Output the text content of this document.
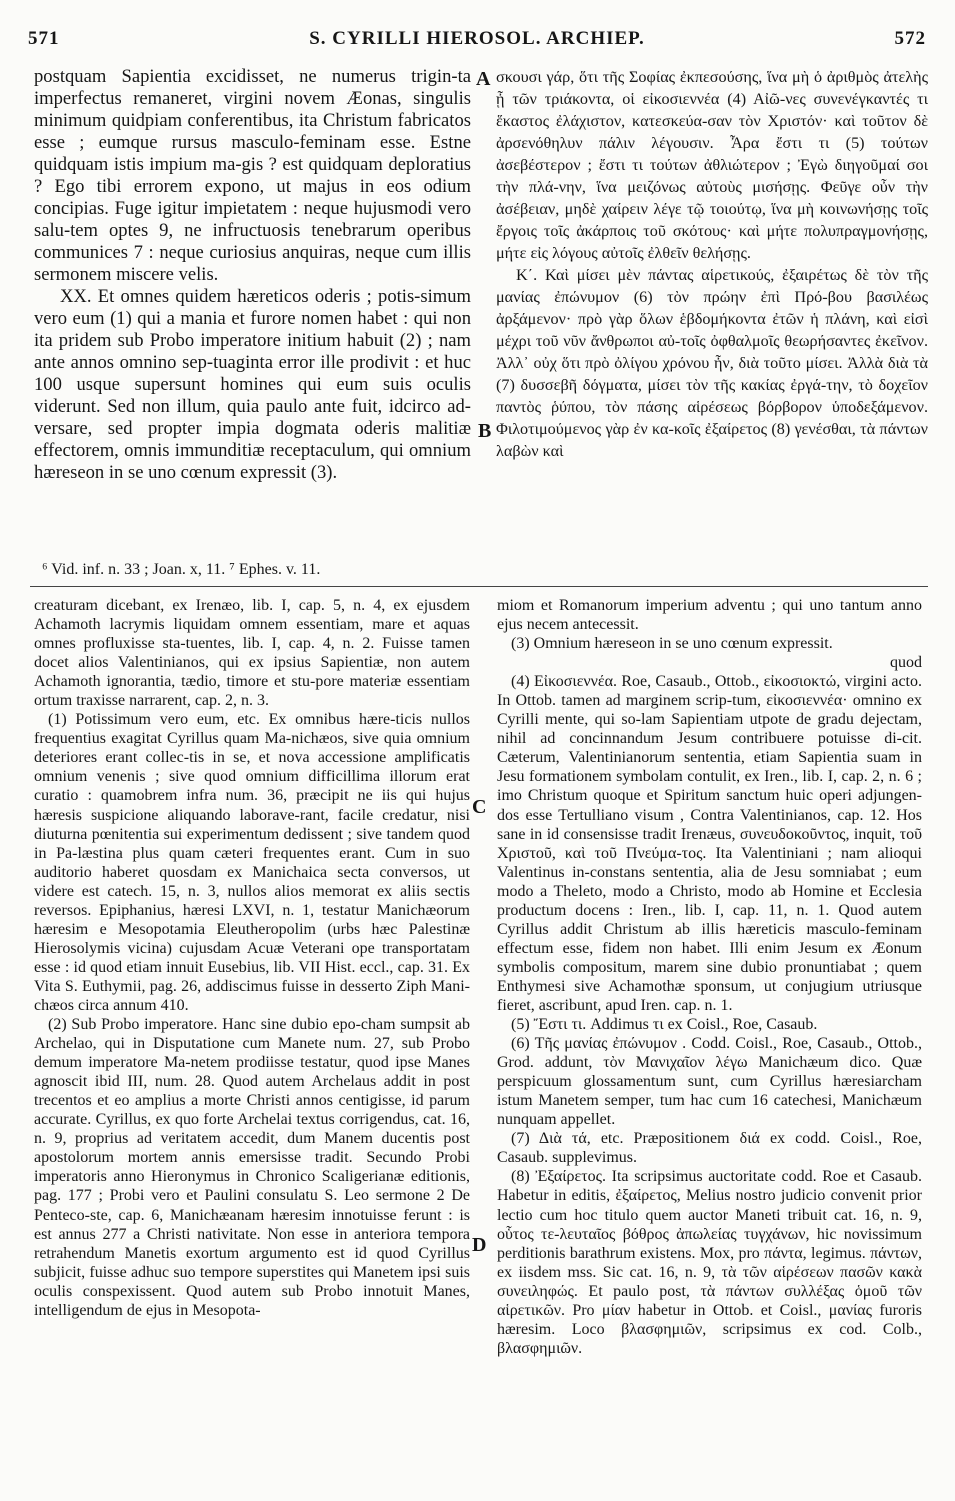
571	S. CYRILLI HIEROSOL. ARCHIEP.	572

postquam Sapientia excidisset, ne numerus trigin-ta imperfectus remaneret, virgini novem Æonas, singulis minimum quidpiam conferentibus, ita Christum fabricatos esse ; eumque rursus masculo-feminam esse. Estne quidquam istis impium ma-gis ? est quidquam deploratius ? Ego tibi errorem expono, ut majus in eos odium concipias. Fuge igitur impietatem : neque hujusmodi vero salu-tem optes 9, ne infructuosis tenebrarum operibus communices 7 : neque curiosius anquiras, neque cum illis sermonem miscere velis.

XX. Et omnes quidem hæreticos oderis ; potis-simum vero eum (1) qui a mania et furore nomen habet : qui non ita pridem sub Probo imperatore initium habuit (2) ; nam ante annos omnino sep-tuaginta error ille prodivit : et huc 100 usque supersunt homines qui eum suis oculis viderunt. Sed non illum, quia paulo ante fuit, idcirco ad-versare, sed propter impia dogmata oderis malitiæ effectorem, omnis immunditiæ receptaculum, qui omnium hæreseon in se uno cœnum expressit (3).

σκουσι γάρ, ὅτι τῆς Σοφίας ἐκπεσούσης, ἵνα μὴ ὁ ἀριθμὸς ἀτελὴς ᾖ τῶν τριάκοντα, οἱ εἰκοσιεννέα (4) Αἰῶ-νες συνενέγκαντές τι ἕκαστος ἐλάχιστον, κατεσκεύα-σαν τὸν Χριστόν· καὶ τοῦτον δὲ ἀρσενόθηλυν πάλιν λέγουσιν. Ἆρα ἔστι τι (5) τούτων ἀσεβέστερον ; ἔστι τι τούτων ἀθλιώτερον ; Ἐγὼ διηγοῦμαί σοι τὴν πλά-νην, ἵνα μειζόνως αὐτοὺς μισήσῃς. Φεῦγε οὖν τὴν ἀσέβειαν, μηδὲ χαίρειν λέγε τῷ τοιούτῳ, ἵνα μὴ κοινωνήσῃς τοῖς ἔργοις τοῖς ἀκάρποις τοῦ σκότους· καὶ μήτε πολυπραγμονήσῃς, μήτε εἰς λόγους αὐτοῖς ἐλθεῖν θελήσῃς.

Κ΄. Καὶ μίσει μὲν πάντας αἱρετικούς, ἐξαιρέτως δὲ τὸν τῆς μανίας ἐπώνυμον (6) τὸν πρώην ἐπὶ Πρό-βου βασιλέως ἀρξάμενον· πρὸ γὰρ ὅλων ἑβδομήκοντα ἐτῶν ἡ πλάνη, καὶ εἰσὶ μέχρι τοῦ νῦν ἄνθρωποι αὐ-τοῖς ὀφθαλμοῖς θεωρήσαντες ἐκεῖνον. Ἀλλ᾽ οὐχ ὅτι πρὸ ὀλίγου χρόνου ἦν, διὰ τοῦτο μίσει. Ἀλλὰ διὰ τὰ (7) δυσσεβῆ δόγματα, μίσει τὸν τῆς κακίας ἐργά-την, τὸ δοχεῖον παντὸς ῥύπου, τὸν πάσης αἱρέσεως βόρβορον ὑποδεξάμενον. Φιλοτιμούμενος γὰρ ἐν κα-κοῖς ἐξαίρετος (8) γενέσθαι, τὰ πάντων λαβὼν καὶ

A
B
C
D
⁶ Vid. inf. n. 33 ; Joan. x, 11. ⁷ Ephes. v. 11.

creaturam dicebant, ex Irenæo, lib. I, cap. 5, n. 4, ex ejusdem Achamoth lacrymis liquidam omnem essentiam, mare et aquas omnes profluxisse sta-tuentes, lib. I, cap. 4, n. 2. Fuisse tamen docet alios Valentinianos, qui ex ipsius Sapientiæ, non autem Achamoth ignorantia, tædio, timore et stu-pore materiæ essentiam ortum traxisse narrarent, cap. 2, n. 3.

(1) Potissimum vero eum, etc. Ex omnibus hære-ticis nullos frequentius exagitat Cyrillus quam Ma-nichæos, sive quia omnium deteriores erant collec-tis in se, et nova accessione amplificatis omnium venenis ; sive quod omnium difficillima illorum erat curatio : quamobrem infra num. 36, præcipit ne iis qui hujus hæresis suspicione aliquando laborave-rant, facile credatur, nisi diuturna pœnitentia sui experimentum dedissent ; sive tandem quod in Pa-læstina plus quam cæteri frequentes erant. Cum in suo auditorio haberet quosdam ex Manichaica secta conversos, ut videre est catech. 15, n. 3, nullos alios memorat ex aliis sectis reversos. Epiphanius, hæresi LXVI, n. 1, testatur Manichæorum hæresim e Mesopotamia Eleutheropolim (urbs hæc Palestinæ Hierosolymis vicina) cujusdam Acuæ Veterani ope transportatam esse : id quod etiam innuit Eusebius, lib. VII Hist. eccl., cap. 31. Ex Vita S. Euthymii, pag. 26, addiscimus fuisse in desserto Ziph Mani-chæos circa annum 410.

(2) Sub Probo imperatore. Hanc sine dubio epo-cham sumpsit ab Archelao, qui in Disputatione cum Manete num. 27, sub Probo demum imperatore Ma-netem prodiisse testatur, quod ipse Manes agnoscit ibid III, num. 28. Quod autem Archelaus addit in post trecentos et eo amplius a morte Christi annos centigisse, id parum accurate. Cyrillus, ex quo forte Archelai textus corrigendus, cat. 16, n. 9, proprius ad veritatem accedit, dum Manem ducentis post apostolorum mortem annis emersisse tradit. Secundo Probi imperatoris anno Hieronymus in Chronico Scaligerianæ editionis, pag. 177 ; Probi vero et Paulini consulatu S. Leo sermone 2 De Penteco-ste, cap. 6, Manichæanam hæresim innotuisse ferunt : is est annus 277 a Christi nativitate. Non esse in anteriora tempora retrahendum Manetis exortum argumento est id quod Cyrillus subjicit, fuisse adhuc suo tempore superstites qui Manetem ipsi suis oculis conspexissent. Quod autem sub Probo innotuit Manes, intelligendum de ejus in Mesopota-

miom et Romanorum imperium adventu ; qui uno tantum anno ejus necem antecessit.

(3) Omnium hæreseon in se uno cœnum expressit.

quod

(4) Εἰκοσιεννέα. Roe, Casaub., Ottob., εἰκοσιοκτώ, virgini acto. In Ottob. tamen ad marginem scrip-tum, εἰκοσιεννέα· omnino ex Cyrilli mente, qui so-lam Sapientiam utpote de gradu dejectam, nihil ad concinnandum Jesum contribuere potuisse di-cit. Cæterum, Valentinianorum sententia, etiam Sapientia suam in Jesu formationem symbolam contulit, ex Iren., lib. I, cap. 2, n. 6 ; imo Christum quoque et Spiritum sanctum huic operi adjungen-dos esse Tertulliano visum , Contra Valentinianos, cap. 12. Hos sane in id consensisse tradit Irenæus, συνευδοκοῦντος, inquit, τοῦ Χριστοῦ, καὶ τοῦ Πνεύμα-τος. Ita Valentiniani ; nam alioqui Valentinus in-constans sententia, alia de Jesu somniabat ; eum modo a Theleto, modo a Christo, modo ab Homine et Ecclesia productum docens : Iren., lib. I, cap. 11, n. 1. Quod autem Cyrillus addit Christum ab illis hæreticis masculo-feminam effectum esse, fidem non habet. Illi enim Jesum ex Æonum symbolis compositum, marem sine dubio pronuntiabat ; quem Enthymesi sive Achamothæ sponsum, ut conjugium utriusque fieret, ascribunt, apud Iren. cap. n. 1.

(5) Ἔστι τι. Addimus τι ex Coisl., Roe, Casaub.

(6) Τῆς μανίας ἐπώνυμον . Codd. Coisl., Roe, Casaub., Ottob., Grod. addunt, τὸν Μανιχαῖον λέγω Manichæum dico. Quæ perspicuum glossamentum sunt, cum Cyrillus hæresiarcham istum Manetem semper, tum hac cum 16 catechesi, Manichæum nunquam appellet.

(7) Διὰ τά, etc. Præpositionem διά ex codd. Coisl., Roe, Casaub. supplevimus.

(8) Ἐξαίρετος. Ita scripsimus auctoritate codd. Roe et Casaub. Habetur in editis, ἐξαίρετος, Melius nostro judicio convenit prior lectio cum hoc titulo quem auctor Maneti tribuit cat. 16, n. 9, οὗτος τε-λευταῖος βόθρος ἀπωλείας τυγχάνων, hic novissimum perditionis barathrum existens. Mox, pro πάντα, legimus. πάντων, ex iisdem mss. Sic cat. 16, n. 9, τὰ τῶν αἱρέσεων πασῶν κακὰ συνειληφώς. Et paulo post, τὰ πάντων συλλέξας ὁμοῦ τῶν αἱρετικῶν. Pro μίαν habetur in Ottob. et Coisl., μανίας furoris hæresim. Loco βλασφημιῶν, scripsimus ex cod. Colb., βλασφημιῶν.
